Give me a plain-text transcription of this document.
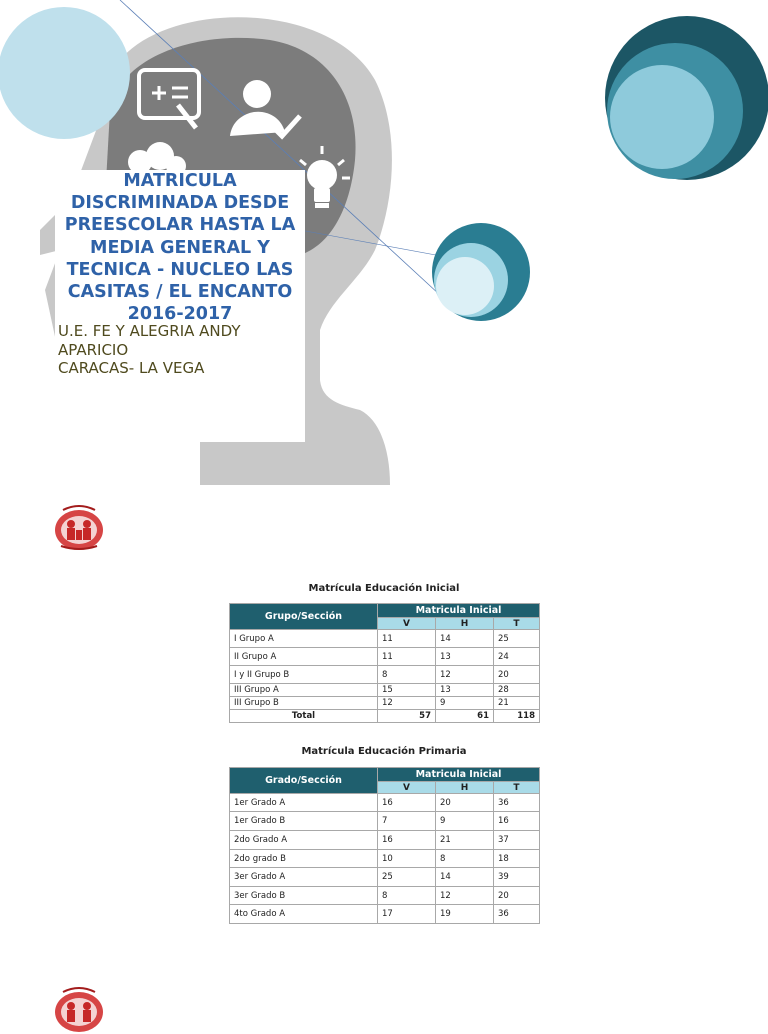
MATRICULA DISCRIMINADA DESDE PREESCOLAR HASTA LA MEDIA GENERAL Y TECNICA - NUCLEO LAS CASITAS / EL ENCANTO 2016-2017
U.E. FE Y ALEGRIA ANDY APARICIO
CARACAS- LA VEGA
Matrícula Educación Inicial
Grupo/Sección	Matricula Inicial		
	V	H	T
I Grupo A	11	14	25
II Grupo A	11	13	24
I y II Grupo B	8	12	20
III Grupo A	15	13	28
III Grupo B	12	9	21
Total	57	61	118
Matrícula Educación Primaria
Grado/Sección	Matricula Inicial		
	V	H	T
1er Grado A	16	20	36
1er Grado B	7	9	16
2do Grado A	16	21	37
2do grado B	10	8	18
3er Grado A	25	14	39
3er Grado B	8	12	20
4to Grado A	17	19	36
